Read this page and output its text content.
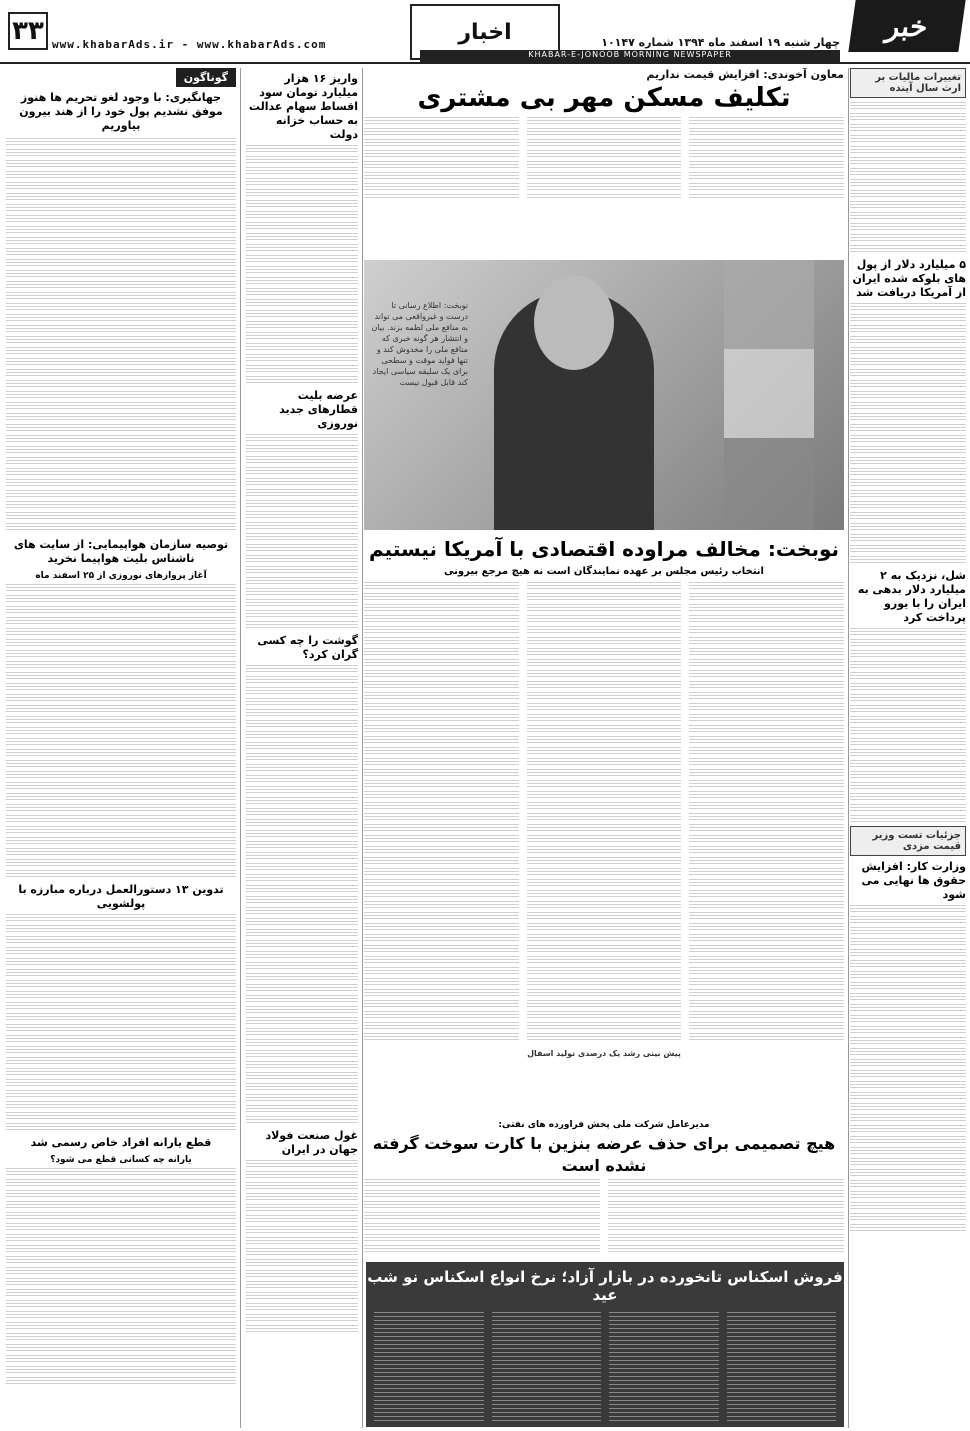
۳۳ www.khabarAds.ir - www.khabarAds.com	اخبار	چهار شنبه ۱۹ اسفند ماه ۱۳۹۴ شماره ۱۰۱۴۷ خبر
KHABAR-E-JONOOB MORNING NEWSPAPER
تغییرات مالیات بر ارث سال آینده
۵ میلیارد دلار از پول های بلوکه شده ایران از آمریکا دریافت شد
شل، نزدیک به ۲ میلیارد دلار بدهی به ایران را با یورو پرداخت کرد
جزئیات تست وزیر قیمت مزدی
وزارت کار: افزایش حقوق ها نهایی می شود
معاون آخوندی: افزایش قیمت نداریم
تکلیف مسکن مهر بی مشتری
نوبخت: اطلاع رسانی تا درست و غیرواقعی می تواند به منافع ملی لطمه بزند. بیان و انتشار هر گونه خبری که منافع ملی را مخدوش کند و تنها فواید موقت و سطحی برای یک سلیقه سیاسی ایجاد کند قابل قبول نیست
نوبخت: مخالف مراوده اقتصادی با آمریکا نیستیم
انتخاب رئیس مجلس بر عهده نمایندگان است نه هیچ مرجع بیرونی
پیش بینی رشد یک درصدی تولید اسفال
مدیرعامل شرکت ملی پخش فراورده های نفتی:
هیچ تصمیمی برای حذف عرضه بنزین با کارت سوخت گرفته نشده است
فروش اسکناس تانخورده در بازار آزاد؛ نرخ انواع اسکناس نو شب عید
واریز ۱۶ هزار میلیارد تومان سود اقساط سهام عدالت به حساب خزانه دولت
عرضه بلیت قطارهای جدید نوروزی
گوشت را چه کسی گران کرد؟
غول صنعت فولاد جهان در ایران
گوناگون
جهانگیری: با وجود لغو تحریم ها هنوز موفق نشدیم پول خود را از هند بیرون بیاوریم
توصیه سازمان هواپیمایی: از سایت های ناشناس بلیت هواپیما نخرید
آغاز پروازهای نوروزی از ۲۵ اسفند ماه
تدوین ۱۳ دستورالعمل درباره مبارزه با پولشویی
قطع یارانه افراد خاص رسمی شد
یارانه چه کسانی قطع می شود؟
